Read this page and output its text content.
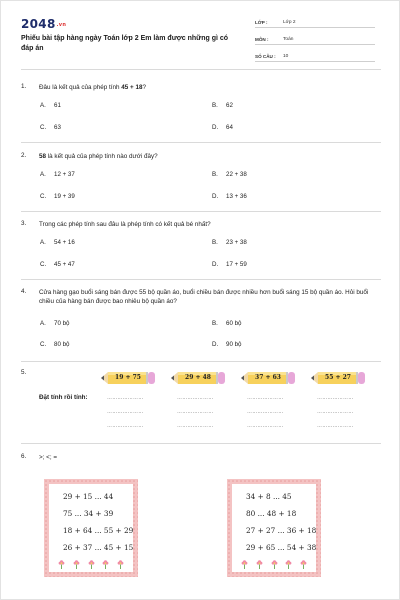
2048.vn
Phiếu bài tập hàng ngày Toán lớp 2 Em làm được những gì có đáp án
LỚP :	Lớp 2
MÔN :	Toán
SỐ CÂU :	10
1. Đâu là kết quả của phép tính 45 + 18?
A. 61	B. 62
C. 63	D. 64
2. 58 là kết quả của phép tính nào dưới đây?
A. 12 + 37	B. 22 + 38
C. 19 + 39	D. 13 + 36
3. Trong các phép tính sau đâu là phép tính có kết quả bé nhất?
A. 54 + 16	B. 23 + 38
C. 45 + 47	D. 17 + 59
4. Cửa hàng gạo buổi sáng bán được 55 bộ quần áo, buổi chiều bán được nhiều hơn buổi sáng 15 bộ quần áo. Hỏi buổi chiều của hàng bán được bao nhiêu bộ quần áo?
A. 70 bộ	B. 60 bộ
C. 80 bộ	D. 90 bộ
5.
Đặt tính rồi tính:
19 + 75	29 + 48	37 + 63	55 + 27
…………………
…………………
…………………
…………………
…………………
…………………
…………………
…………………
…………………
…………………
…………………
…………………
6. >; <; =
29 + 15 ... 44
75 ... 34 + 39
18 + 64 ... 55 + 29
26 + 37 ... 45 + 15
34 + 8 ... 45
80 ... 48 + 18
27 + 27 ... 36 + 18
29 + 65 ... 54 + 38
